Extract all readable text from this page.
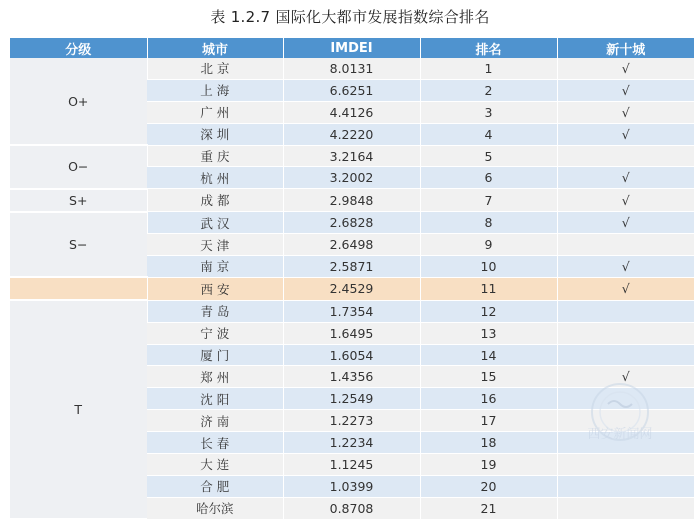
表 1.2.7 国际化大都市发展指数综合排名
分级	城市	IMDEI	排名	新十城
O+	北 京	8.0131	1	√
	上 海	6.6251	2	√
	广 州	4.4126	3	√
	深 圳	4.2220	4	√
O−	重 庆	3.2164	5	
	杭 州	3.2002	6	√
S+	成 都	2.9848	7	√
S−	武 汉	2.6828	8	√
	天 津	2.6498	9	
	南 京	2.5871	10	√
	西 安	2.4529	11	√
T	青 岛	1.7354	12	
	宁 波	1.6495	13	
	厦 门	1.6054	14	
	郑 州	1.4356	15	√
	沈 阳	1.2549	16	
	济 南	1.2273	17	
	长 春	1.2234	18	
	大 连	1.1245	19	
	合 肥	1.0399	20	
	哈尔滨	0.8708	21	
西安新闻网
